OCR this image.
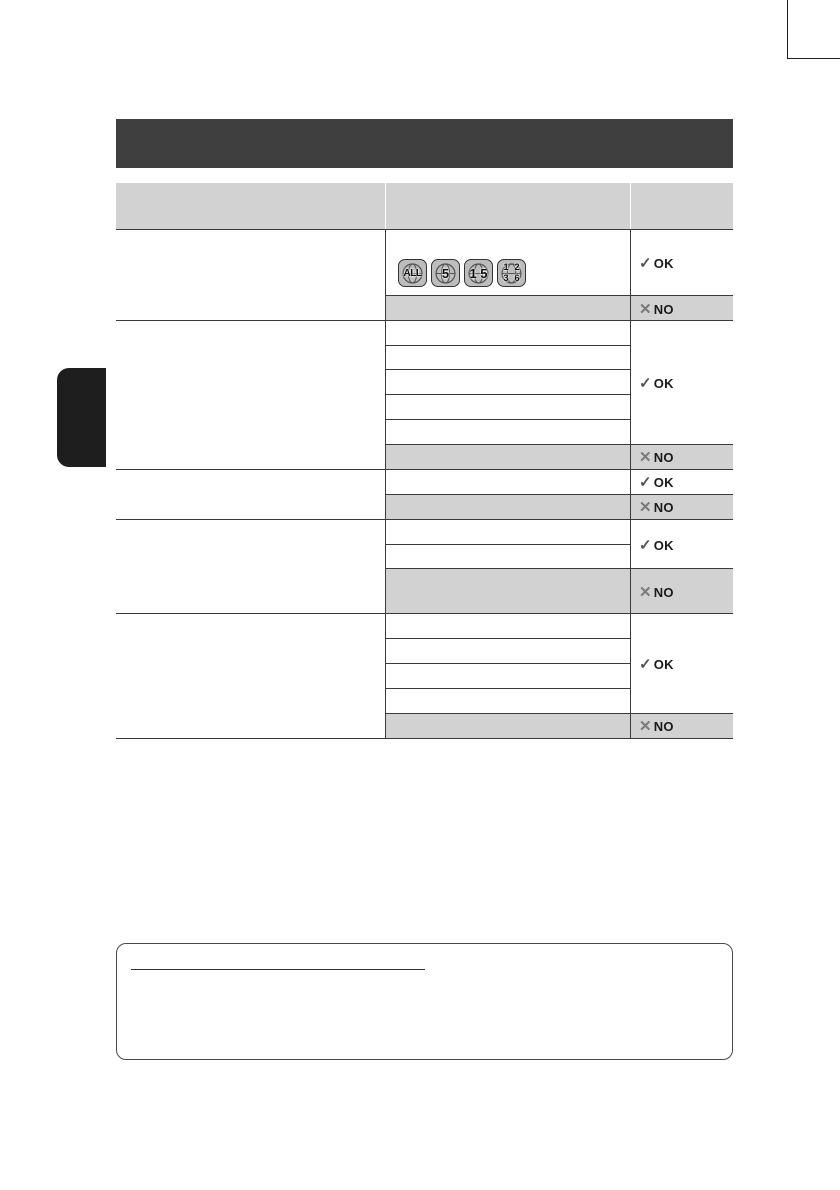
ALL 5 1 5 1 2
3 6
✓ OK
✕ NO
✓ OK
✕ NO
✓ OK
✕ NO
✓ OK
✕ NO
✓ OK
✕ NO
